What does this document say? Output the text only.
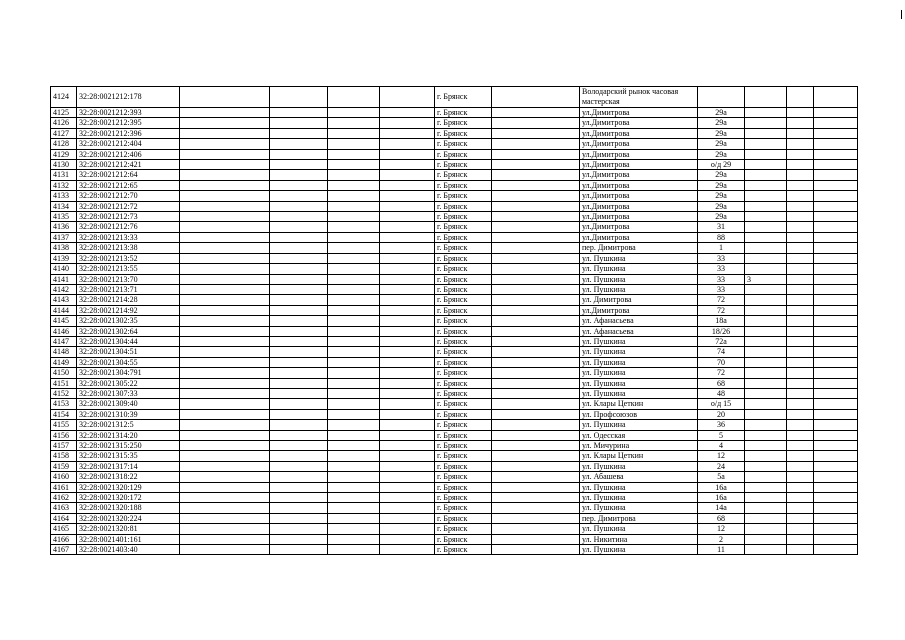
4124	32:28:0021212:178					г. Брянск		Володарский рынок часовая мастерская				
4125	32:28:0021212:393					г. Брянск		ул.Димитрова	29а			
4126	32:28:0021212:395					г. Брянск		ул.Димитрова	29а			
4127	32:28:0021212:396					г. Брянск		ул.Димитрова	29а			
4128	32:28:0021212:404					г. Брянск		ул.Димитрова	29а			
4129	32:28:0021212:406					г. Брянск		ул.Димитрова	29а			
4130	32:28:0021212:421					г. Брянск		ул.Димитрова	о/д 29			
4131	32:28:0021212:64					г. Брянск		ул.Димитрова	29а			
4132	32:28:0021212:65					г. Брянск		ул.Димитрова	29а			
4133	32:28:0021212:70					г. Брянск		ул.Димитрова	29а			
4134	32:28:0021212:72					г. Брянск		ул.Димитрова	29а			
4135	32:28:0021212:73					г. Брянск		ул.Димитрова	29а			
4136	32:28:0021212:76					г. Брянск		ул.Димитрова	31			
4137	32:28:0021213:33					г. Брянск		ул.Димитрова	88			
4138	32:28:0021213:38					г. Брянск		пер. Димитрова	1			
4139	32:28:0021213:52					г. Брянск		ул. Пушкина	33			
4140	32:28:0021213:55					г. Брянск		ул. Пушкина	33			
4141	32:28:0021213:70					г. Брянск		ул. Пушкина	33	3		
4142	32:28:0021213:71					г. Брянск		ул. Пушкина	33			
4143	32:28:0021214:28					г. Брянск		ул. Димитрова	72			
4144	32:28:0021214:92					г. Брянск		ул.Димитрова	72			
4145	32:28:0021302:35					г. Брянск		ул. Афанасьева	18а			
4146	32:28:0021302:64					г. Брянск		ул. Афанасьева	18/26			
4147	32:28:0021304:44					г. Брянск		ул. Пушкина	72а			
4148	32:28:0021304:51					г. Брянск		ул. Пушкина	74			
4149	32:28:0021304:55					г. Брянск		ул. Пушкина	70			
4150	32:28:0021304:791					г. Брянск		ул. Пушкина	72			
4151	32:28:0021305:22					г. Брянск		ул. Пушкина	68			
4152	32:28:0021307:33					г. Брянск		ул. Пушкина	48			
4153	32:28:0021309:40					г. Брянск		ул. Клары Цеткин	о/д 15			
4154	32:28:0021310:39					г. Брянск		ул. Профсоюзов	20			
4155	32:28:0021312:5					г. Брянск		ул. Пушкина	36			
4156	32:28:0021314:20					г. Брянск		ул. Одесская	5			
4157	32:28:0021315:250					г. Брянск		ул. Мичурина	4			
4158	32:28:0021315:35					г. Брянск		ул. Клары Цеткин	12			
4159	32:28:0021317:14					г. Брянск		ул. Пушкина	24			
4160	32:28:0021318:22					г. Брянск		ул. Абашева	5а			
4161	32:28:0021320:129					г. Брянск		ул. Пушкина	16а			
4162	32:28:0021320:172					г. Брянск		ул. Пушкина	16а			
4163	32:28:0021320:188					г. Брянск		ул. Пушкина	14а			
4164	32:28:0021320:224					г. Брянск		пер. Димитрова	68			
4165	32:28:0021320:81					г. Брянск		ул. Пушкина	12			
4166	32:28:0021401:161					г. Брянск		ул. Никитина	2			
4167	32:28:0021403:40					г. Брянск		ул. Пушкина	11			
